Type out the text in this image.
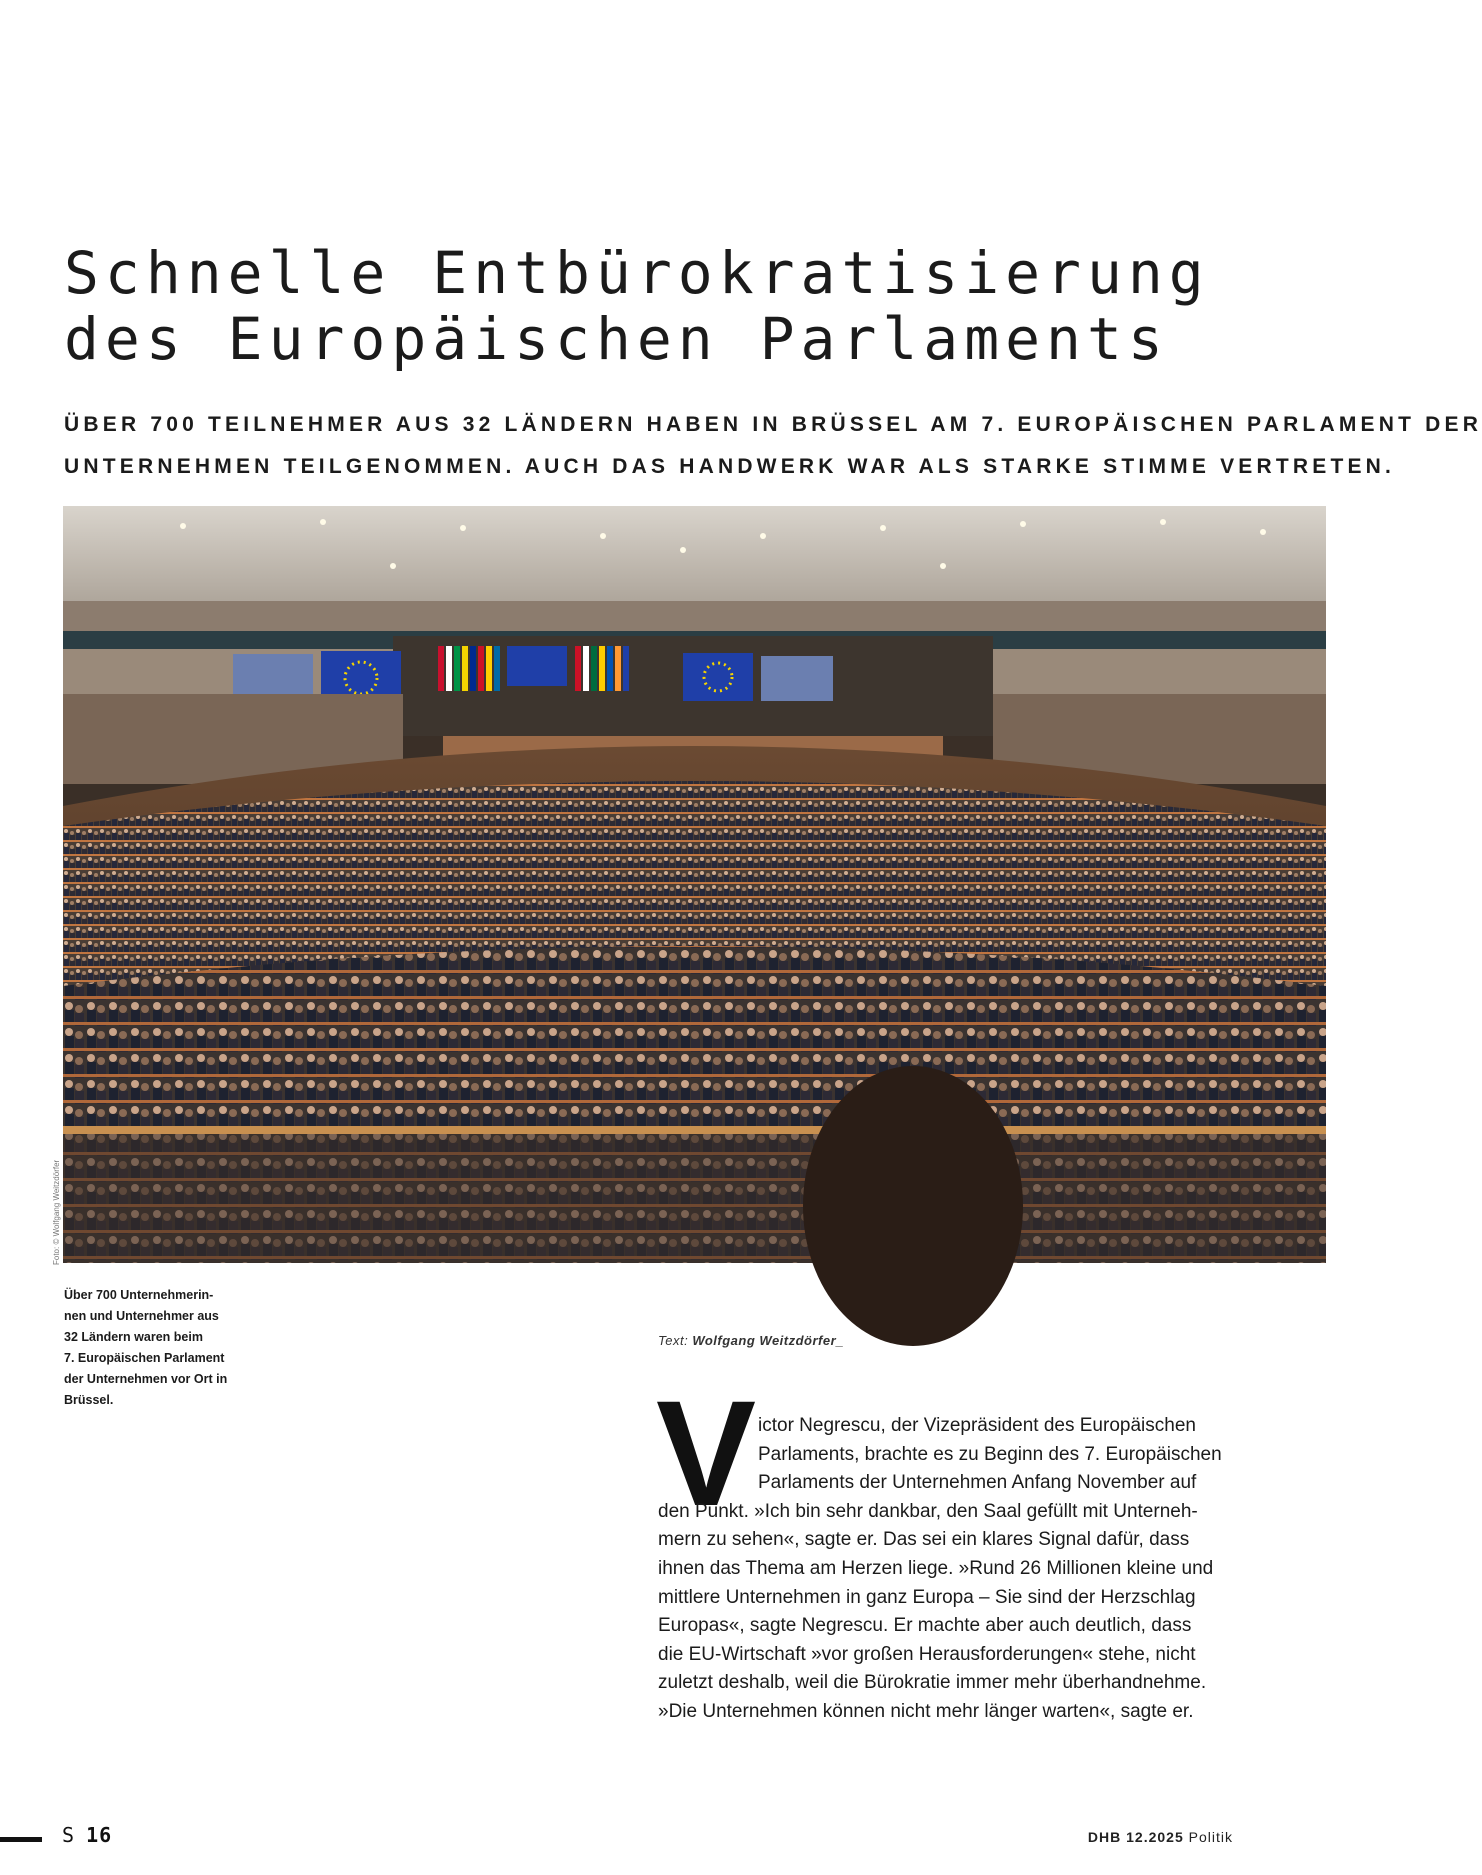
Schnelle Entbürokratisierung
des Europäischen Parlaments

ÜBER 700 TEILNEHMER AUS 32 LÄNDERN HABEN IN BRÜSSEL AM 7. EUROPÄISCHEN PARLAMENT DER
UNTERNEHMEN TEILGENOMMEN. AUCH DAS HANDWERK WAR ALS STARKE STIMME VERTRETEN.

Foto: © Wolfgang Weitzdörfer

Über 700 Unternehmerin-
nen und Unternehmer aus
32 Ländern waren beim
7. Europäischen Parlament
der Unternehmen vor Ort in
Brüssel.

Text: Wolfgang Weitzdörfer_
V ictor Negrescu, der Vizepräsident des Europäischen
Parlaments, brachte es zu Beginn des 7. Europäischen
Parlaments der Unternehmen Anfang November auf
den Punkt. »Ich bin sehr dankbar, den Saal gefüllt mit Unterneh-
mern zu sehen«, sagte er. Das sei ein klares Signal dafür, dass
ihnen das Thema am Herzen liege. »Rund 26 Millionen kleine und
mittlere Unternehmen in ganz Europa – Sie sind der Herzschlag
Europas«, sagte Negrescu. Er machte aber auch deutlich, dass
die EU-Wirtschaft »vor großen Herausforderungen« stehe, nicht
zuletzt deshalb, weil die Bürokratie immer mehr überhandnehme.
»Die Unternehmen können nicht mehr länger warten«, sagte er.

S 16	DHB 12.2025 Politik
